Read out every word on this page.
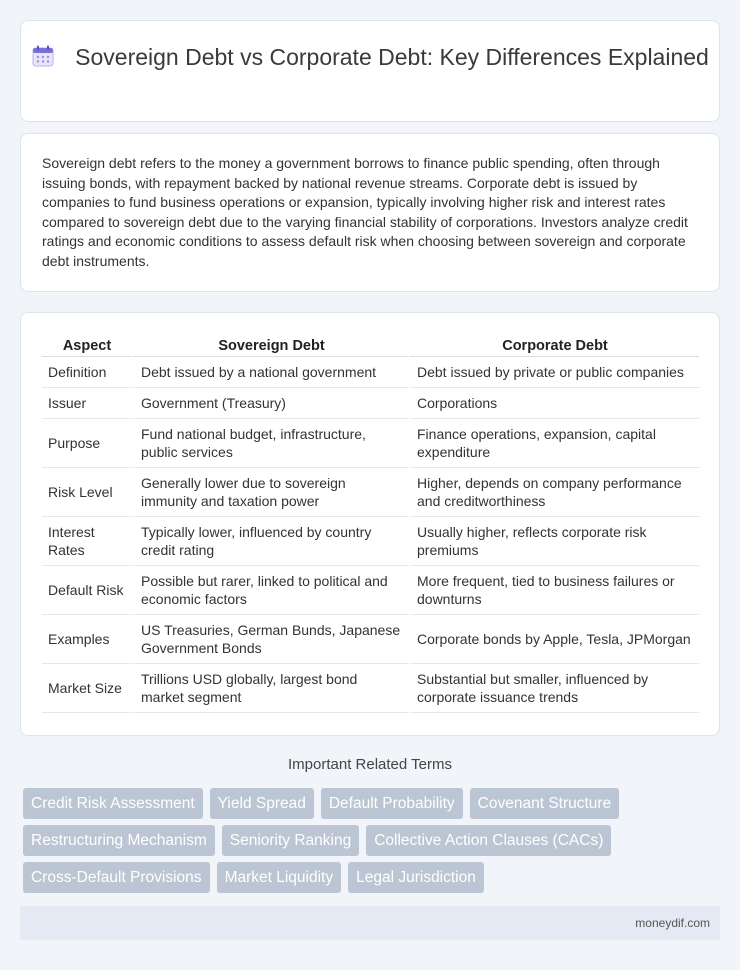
Sovereign Debt vs Corporate Debt: Key Differences Explained

Sovereign debt refers to the money a government borrows to finance public spending, often through issuing bonds, with repayment backed by national revenue streams. Corporate debt is issued by companies to fund business operations or expansion, typically involving higher risk and interest rates compared to sovereign debt due to the varying financial stability of corporations. Investors analyze credit ratings and economic conditions to assess default risk when choosing between sovereign and corporate debt instruments.

Aspect	Sovereign Debt	Corporate Debt
Definition	Debt issued by a national government	Debt issued by private or public companies
Issuer	Government (Treasury)	Corporations
Purpose	Fund national budget, infrastructure, public services	Finance operations, expansion, capital expenditure
Risk Level	Generally lower due to sovereign immunity and taxation power	Higher, depends on company performance and creditworthiness
Interest Rates	Typically lower, influenced by country credit rating	Usually higher, reflects corporate risk premiums
Default Risk	Possible but rarer, linked to political and economic factors	More frequent, tied to business failures or downturns
Examples	US Treasuries, German Bunds, Japanese Government Bonds	Corporate bonds by Apple, Tesla, JPMorgan
Market Size	Trillions USD globally, largest bond market segment	Substantial but smaller, influenced by corporate issuance trends
Important Related Terms
Credit Risk Assessment	Yield Spread	Default Probability	Covenant Structure
Restructuring Mechanism	Seniority Ranking	Collective Action Clauses (CACs)
Cross-Default Provisions	Market Liquidity	Legal Jurisdiction
moneydif.com
